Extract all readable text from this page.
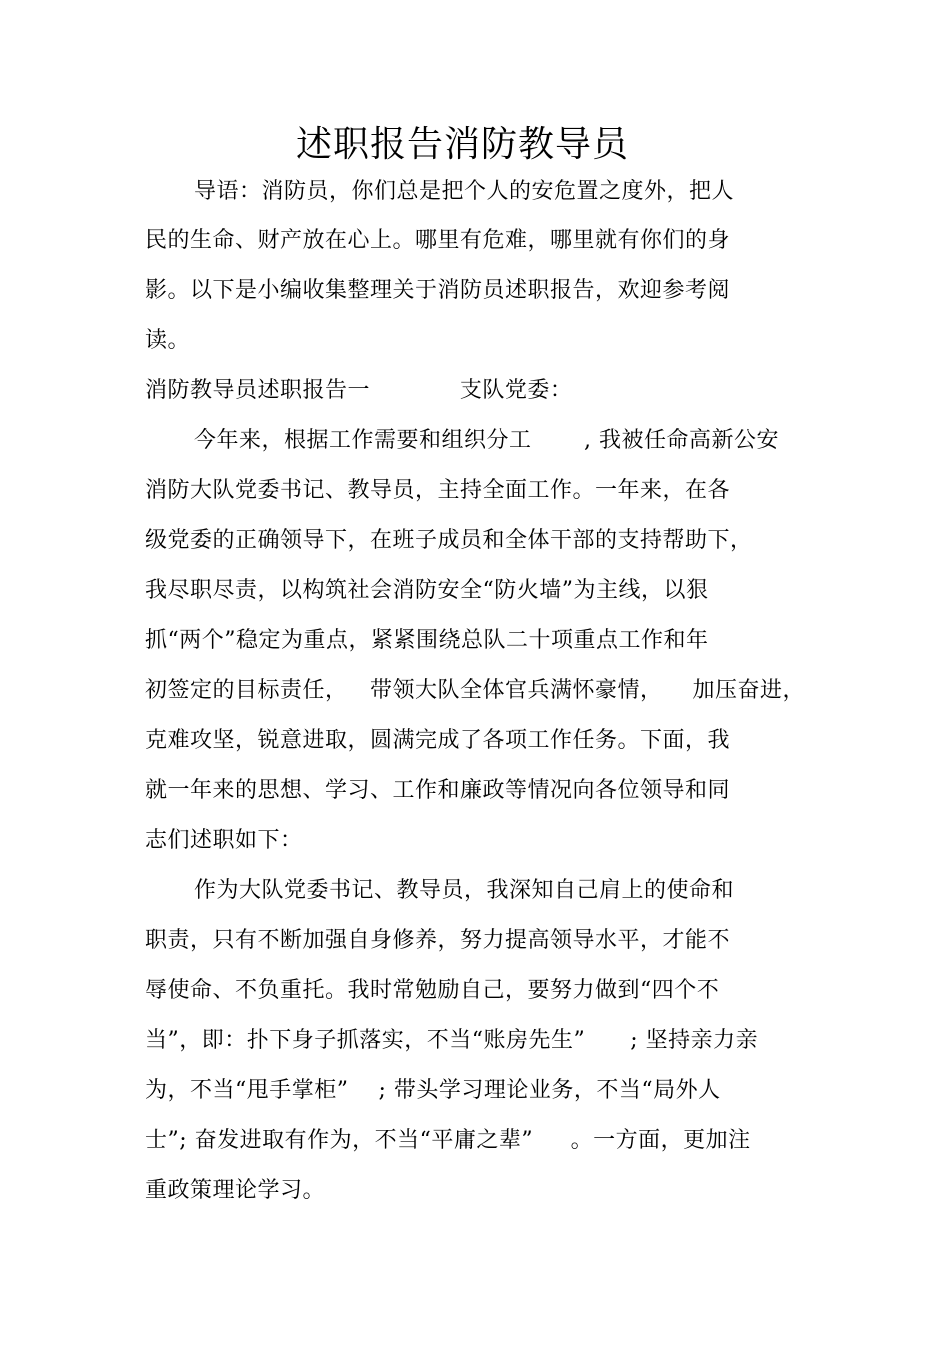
述职报告消防教导员
导语：消防员，你们总是把个人的安危置之度外，把人
民的生命、财产放在心上。哪里有危难，哪里就有你们的身
影。以下是小编收集整理关于消防员述职报告，欢迎参考阅
读。
消防教导员述职报告一            支队党委：
今年来，根据工作需要和组织分工       , 我被任命高新公安
消防大队党委书记、教导员，主持全面工作。一年来，在各
级党委的正确领导下，在班子成员和全体干部的支持帮助下，
我尽职尽责，以构筑社会消防安全“防火墙”为主线，以狠
抓“两个”稳定为重点，紧紧围绕总队二十项重点工作和年
初签定的目标责任，   带领大队全体官兵满怀豪情，    加压奋进，
克难攻坚，锐意进取，圆满完成了各项工作任务。下面，我
就一年来的思想、学习、工作和廉政等情况向各位领导和同
志们述职如下：
作为大队党委书记、教导员，我深知自己肩上的使命和
职责，只有不断加强自身修养，努力提高领导水平，才能不
辱使命、不负重托。我时常勉励自己，要努力做到“四个不
当”，即：扑下身子抓落实，不当“账房先生”      ; 坚持亲力亲
为，不当“甩手掌柜”    ; 带头学习理论业务，不当“局外人
士”; 奋发进取有作为，不当“平庸之辈”     。一方面，更加注
重政策理论学习。
